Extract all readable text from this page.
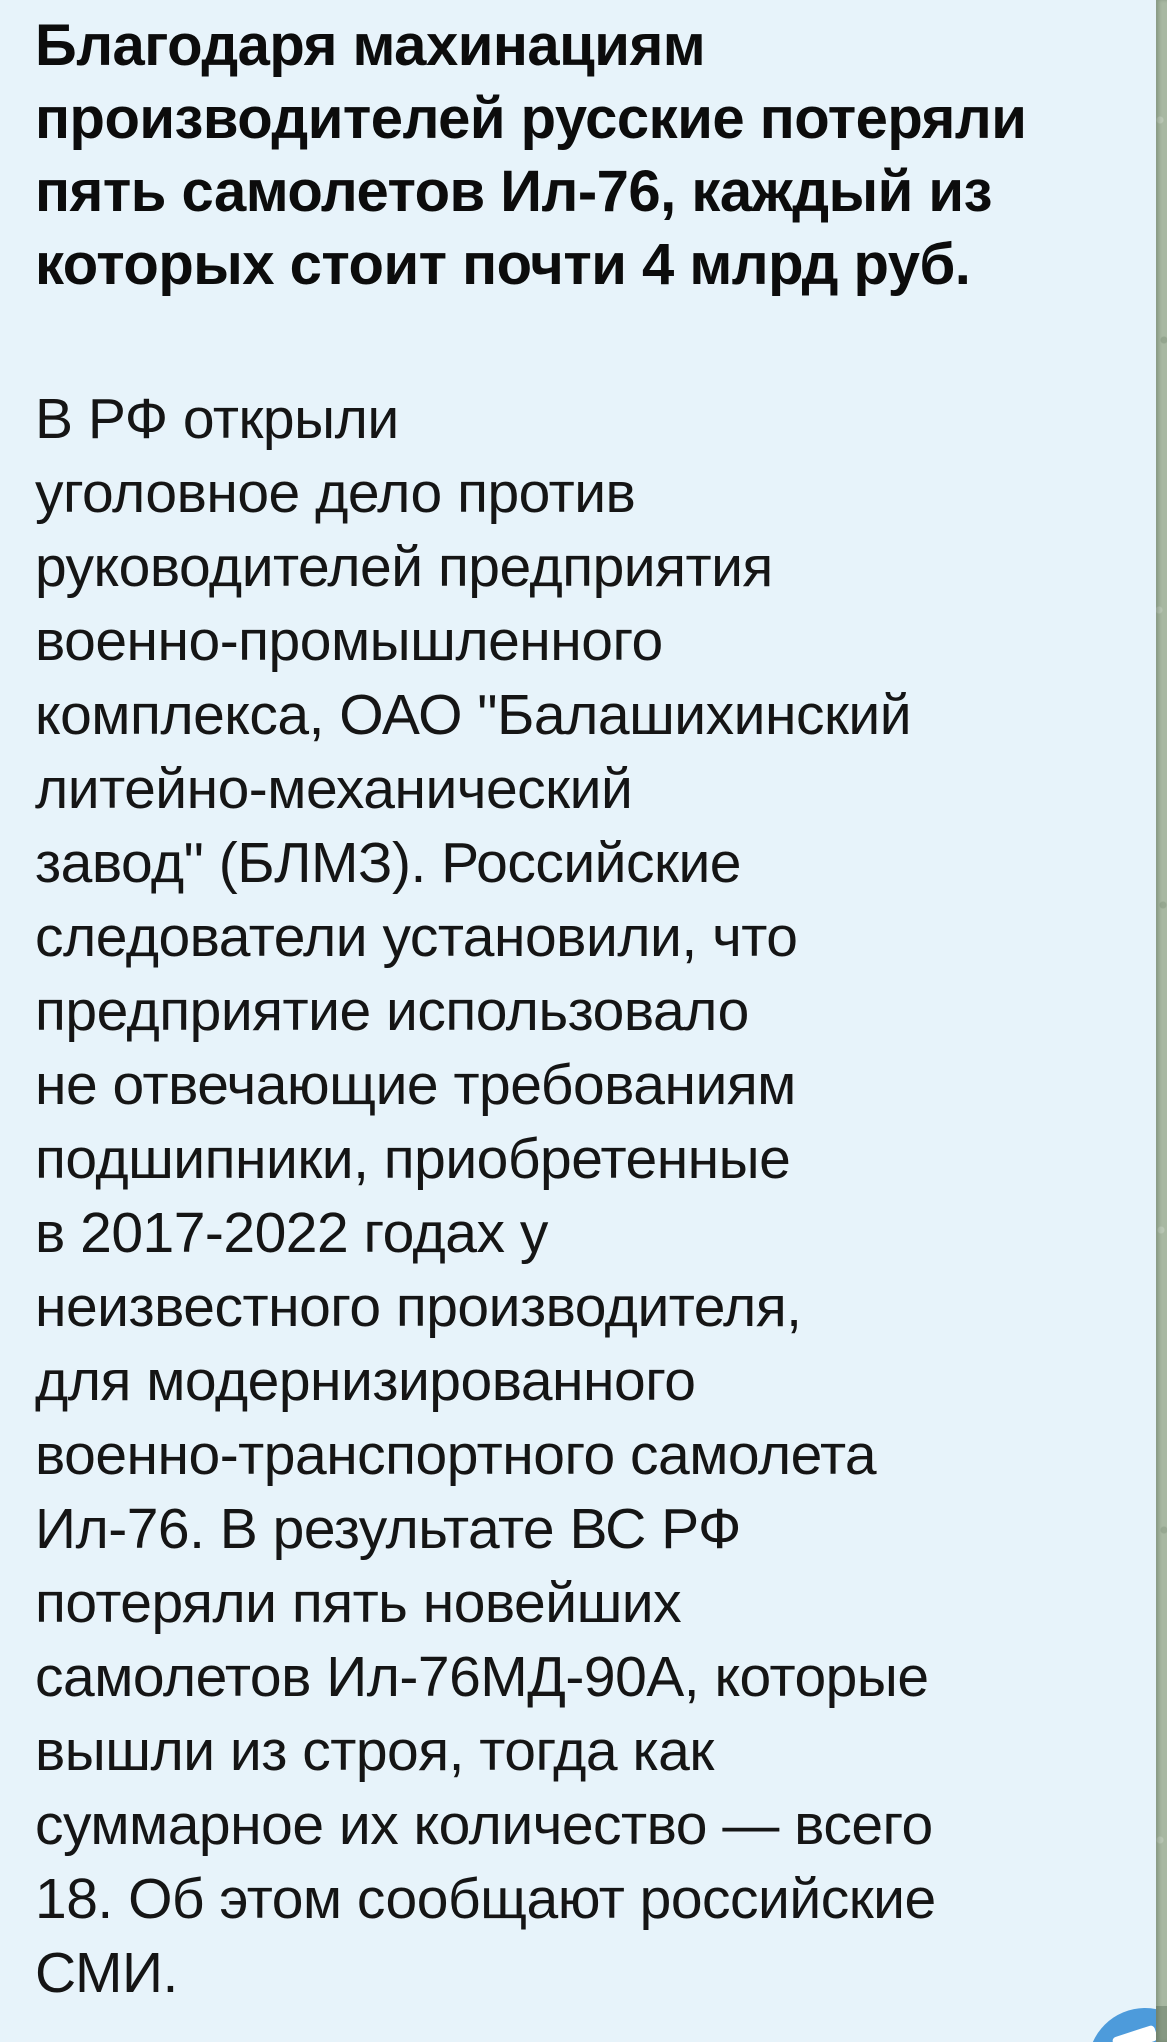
Благодаря махинациям
производителей русские потеряли
пять самолетов Ил-76, каждый из
которых стоит почти 4 млрд руб.
В РФ открыли
уголовное дело против
руководителей предприятия
военно-промышленного
комплекса, ОАО "Балашихинский
литейно-механический
завод" (БЛМЗ). Российские
следователи установили, что
предприятие использовало
не отвечающие требованиям
подшипники, приобретенные
в 2017-2022 годах у
неизвестного производителя,
для модернизированного
военно-транспортного самолета
Ил-76. В результате ВС РФ
потеряли пять новейших
самолетов Ил-76МД-90А, которые
вышли из строя, тогда как
суммарное их количество — всего
18. Об этом сообщают российские
СМИ.
